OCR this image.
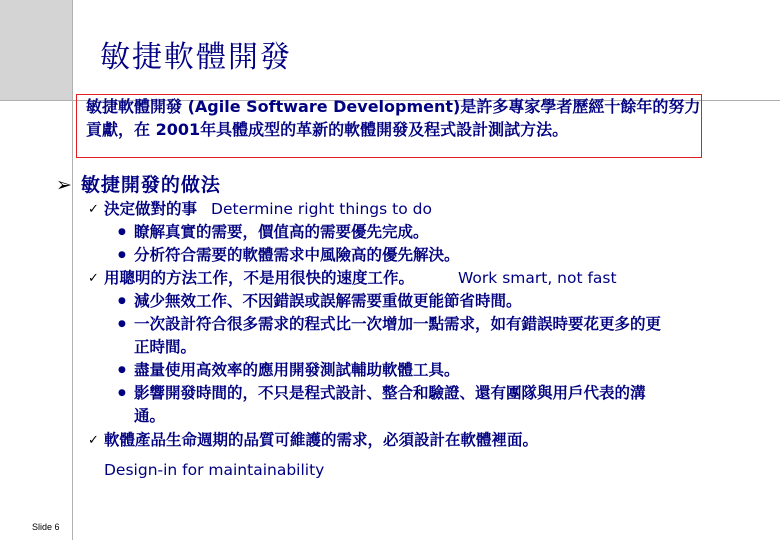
敏捷軟體開發

敏捷軟體開發 (Agile Software Development)是許多專家學者歷經十餘年的努力貢獻，在 2001年具體成型的革新的軟體開發及程式設計測試方法。

➢ 敏捷開發的做法
✓ 決定做對的事 Determine right things to do

● 瞭解真實的需要，價值高的需要優先完成。

● 分析符合需要的軟體需求中風險高的優先解決。

✓ 用聰明的方法工作，不是用很快的速度工作。	Work smart, not fast

● 減少無效工作、不因錯誤或誤解需要重做更能節省時間。

● 一次設計符合很多需求的程式比一次增加一點需求，如有錯誤時要花更多的更正時間。

● 盡量使用高效率的應用開發測試輔助軟體工具。

● 影響開發時間的，不只是程式設計、整合和驗證、還有團隊與用戶代表的溝通。

✓ 軟體產品生命週期的品質可維護的需求，必須設計在軟體裡面。

Design-in for maintainability

Slide 6
